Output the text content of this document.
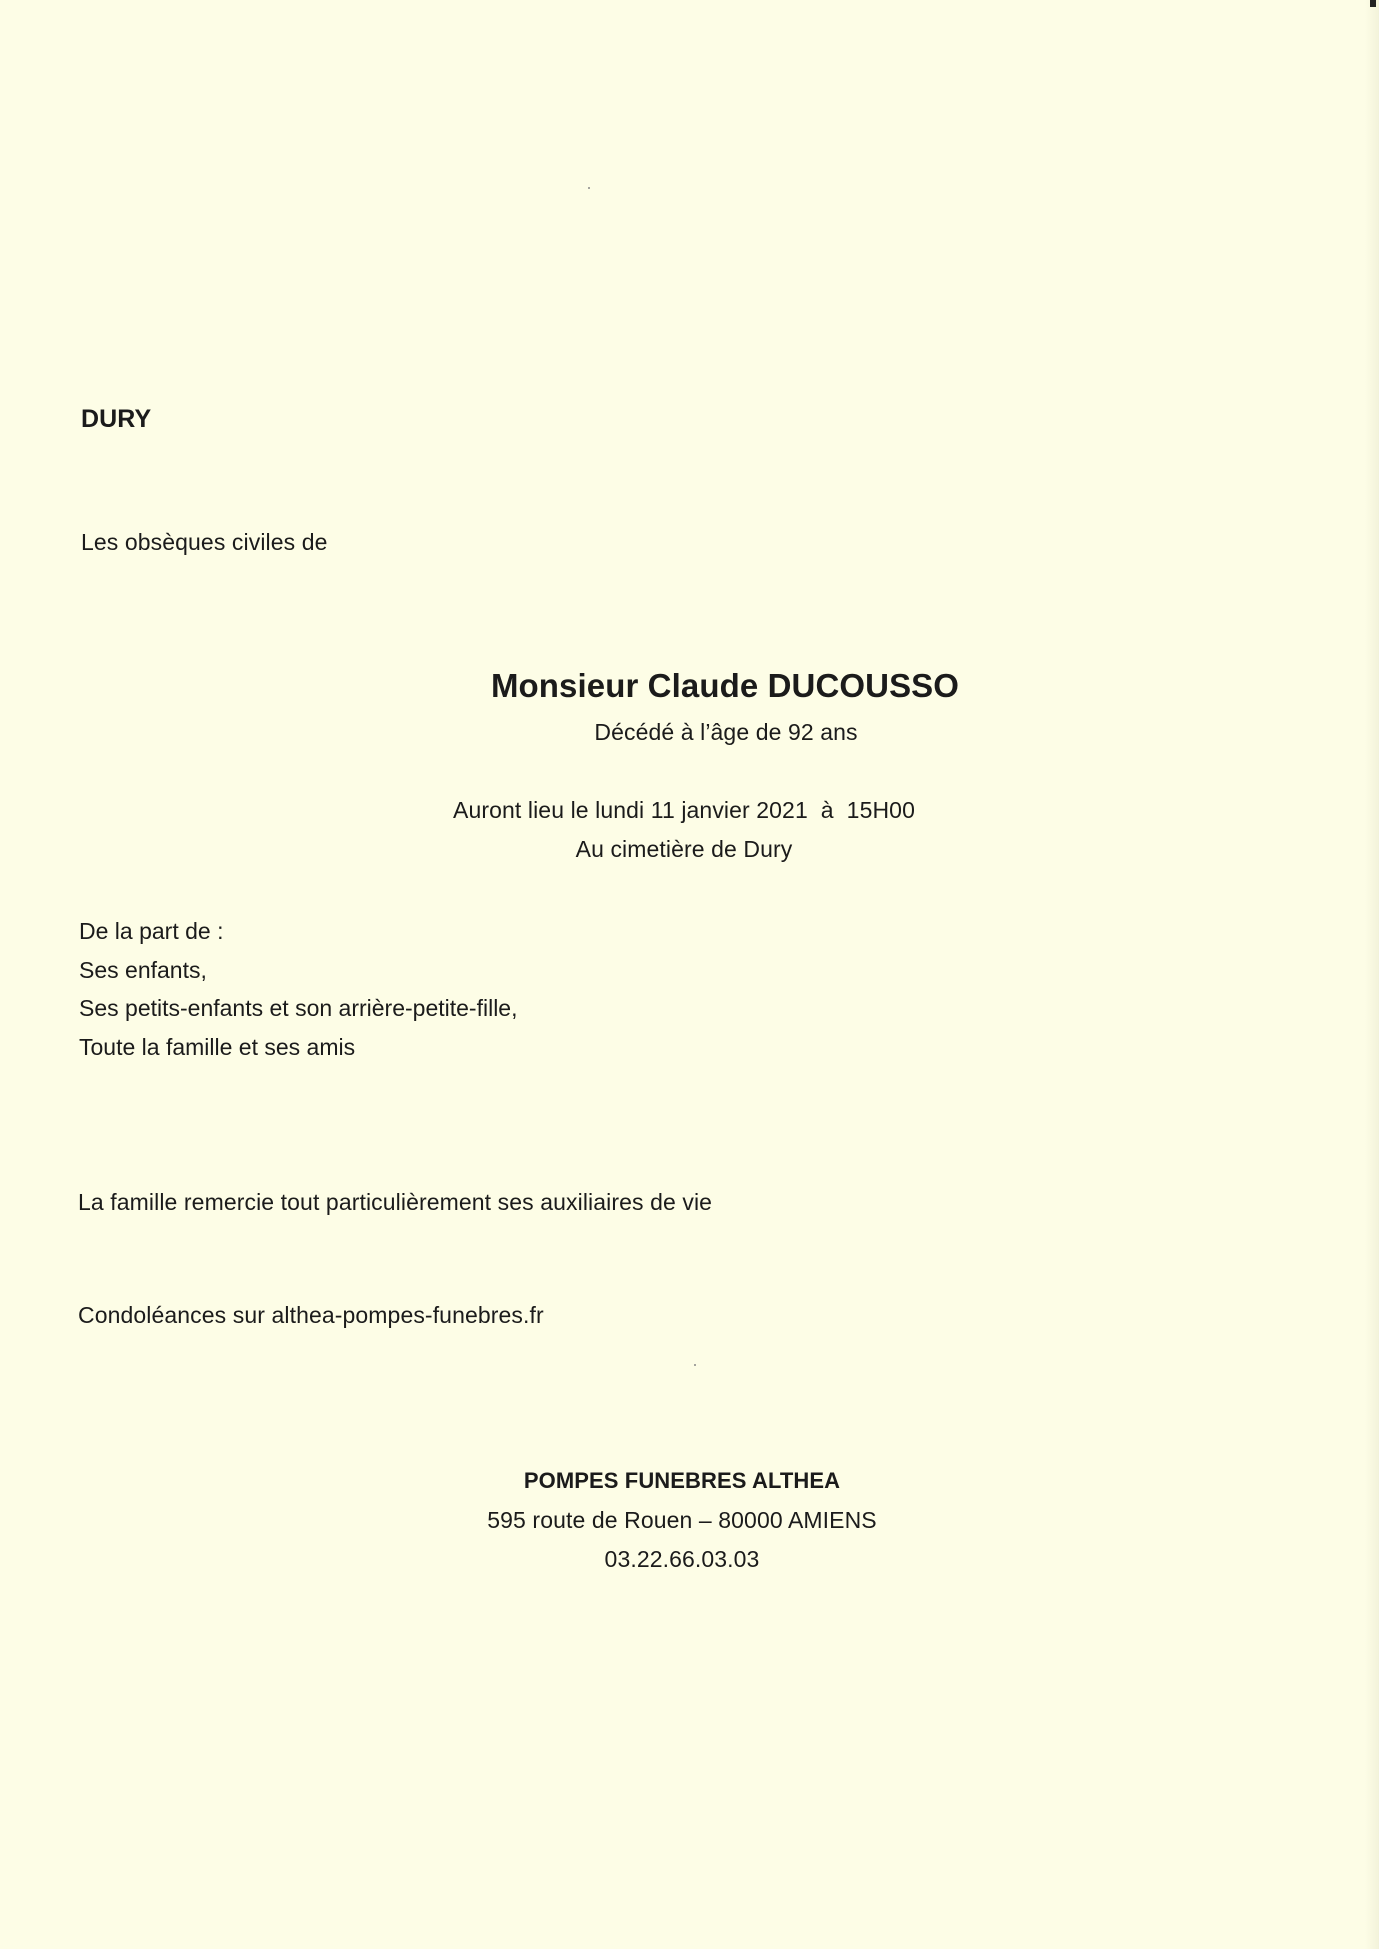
DURY
Les obsèques civiles de
Monsieur Claude DUCOUSSO
Décédé à l’âge de 92 ans
Auront lieu le lundi 11 janvier 2021  à  15H00
Au cimetière de Dury
De la part de :
Ses enfants,
Ses petits-enfants et son arrière-petite-fille,
Toute la famille et ses amis
La famille remercie tout particulièrement ses auxiliaires de vie
Condoléances sur althea-pompes-funebres.fr
POMPES FUNEBRES ALTHEA
595 route de Rouen – 80000 AMIENS
03.22.66.03.03
